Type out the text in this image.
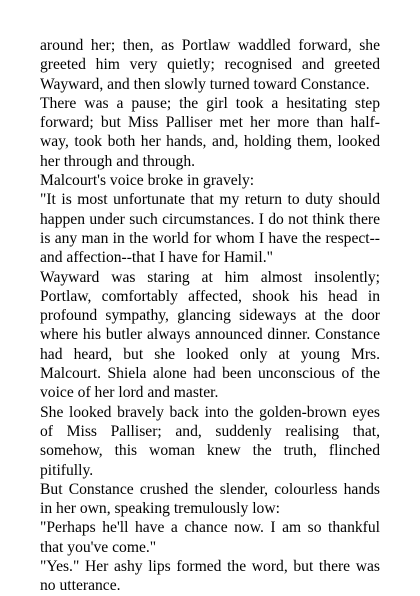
around her; then, as Portlaw waddled forward, she greeted him very quietly; recognised and greeted Wayward, and then slowly turned toward Constance.

There was a pause; the girl took a hesitating step forward; but Miss Palliser met her more than half-way, took both her hands, and, holding them, looked her through and through.

Malcourt's voice broke in gravely:

"It is most unfortunate that my return to duty should happen under such circumstances. I do not think there is any man in the world for whom I have the respect--and affection--that I have for Hamil."

Wayward was staring at him almost insolently; Portlaw, comfortably affected, shook his head in profound sympathy, glancing sideways at the door where his butler always announced dinner. Constance had heard, but she looked only at young Mrs. Malcourt. Shiela alone had been unconscious of the voice of her lord and master.

She looked bravely back into the golden-brown eyes of Miss Palliser; and, suddenly realising that, somehow, this woman knew the truth, flinched pitifully.

But Constance crushed the slender, colourless hands in her own, speaking tremulously low:

"Perhaps he'll have a chance now. I am so thankful that you've come."

"Yes." Her ashy lips formed the word, but there was no utterance.
